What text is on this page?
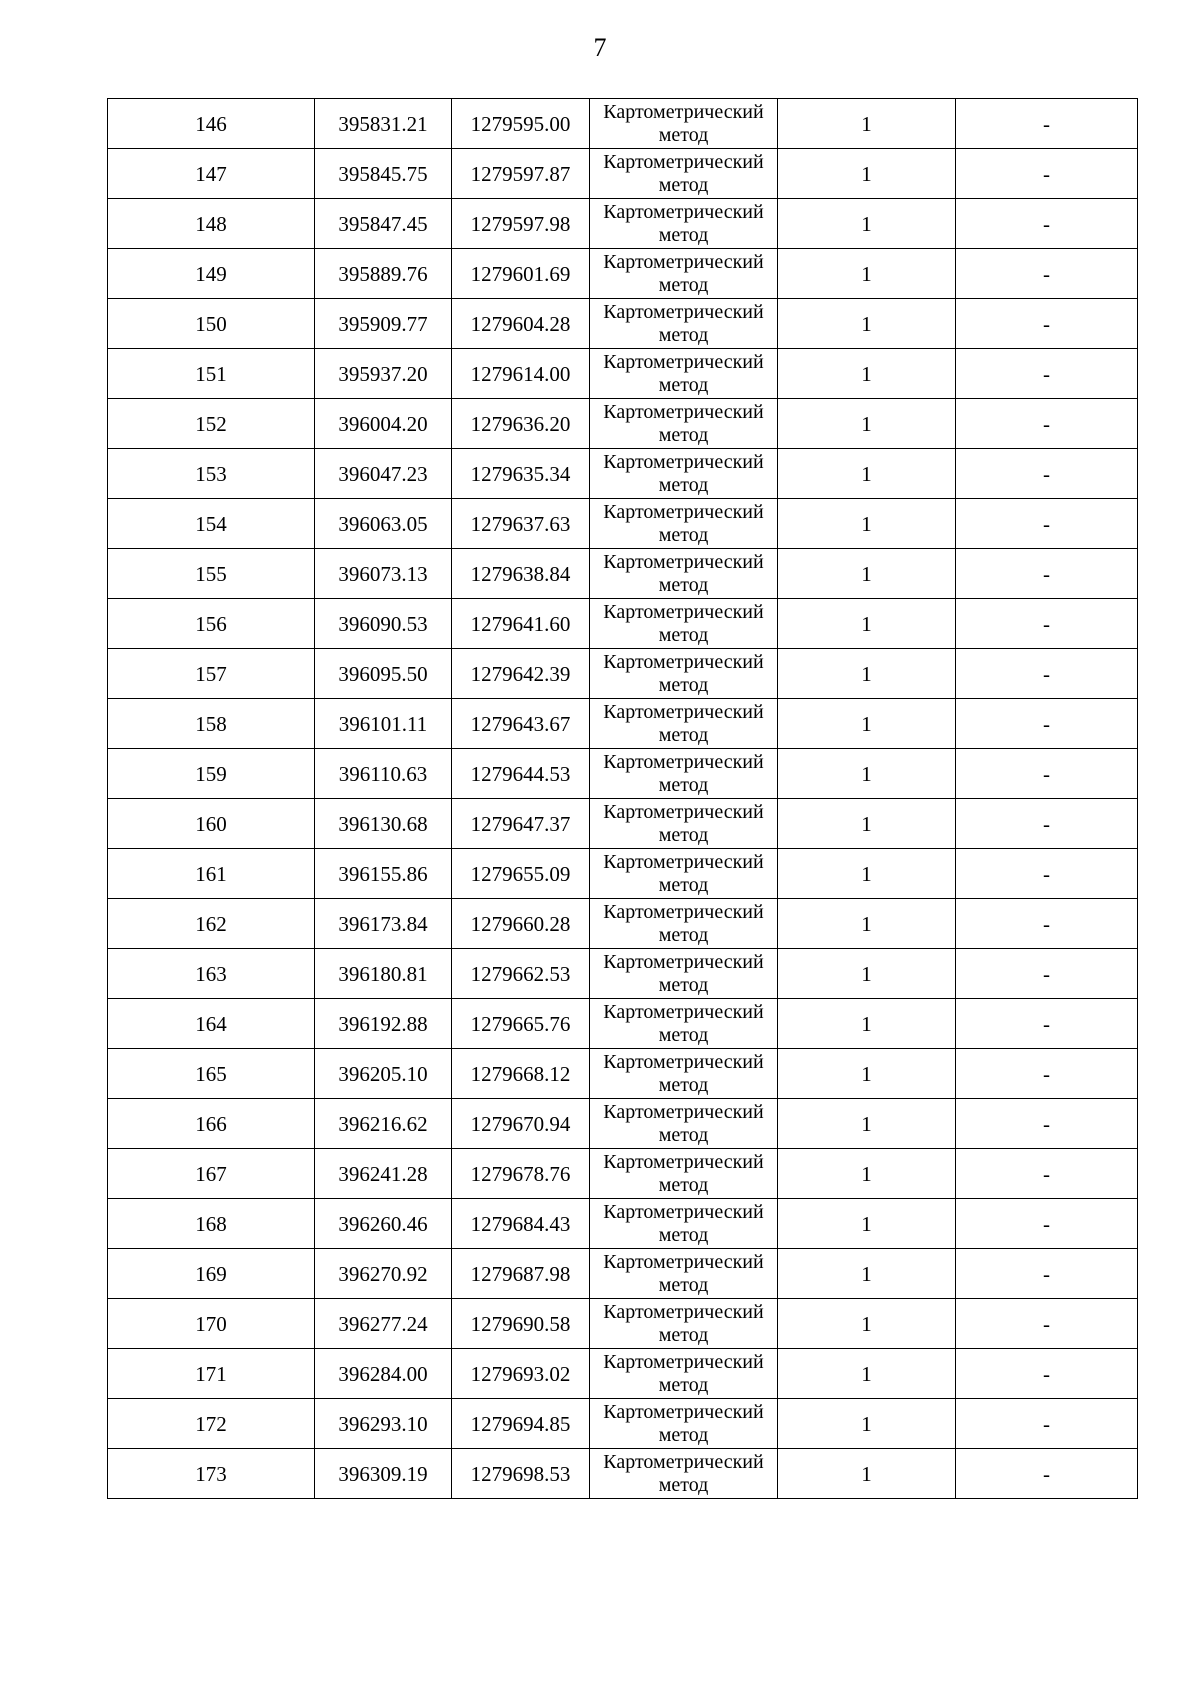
7
146	395831.21	1279595.00	Картометрический метод	1	-
147	395845.75	1279597.87	Картометрический метод	1	-
148	395847.45	1279597.98	Картометрический метод	1	-
149	395889.76	1279601.69	Картометрический метод	1	-
150	395909.77	1279604.28	Картометрический метод	1	-
151	395937.20	1279614.00	Картометрический метод	1	-
152	396004.20	1279636.20	Картометрический метод	1	-
153	396047.23	1279635.34	Картометрический метод	1	-
154	396063.05	1279637.63	Картометрический метод	1	-
155	396073.13	1279638.84	Картометрический метод	1	-
156	396090.53	1279641.60	Картометрический метод	1	-
157	396095.50	1279642.39	Картометрический метод	1	-
158	396101.11	1279643.67	Картометрический метод	1	-
159	396110.63	1279644.53	Картометрический метод	1	-
160	396130.68	1279647.37	Картометрический метод	1	-
161	396155.86	1279655.09	Картометрический метод	1	-
162	396173.84	1279660.28	Картометрический метод	1	-
163	396180.81	1279662.53	Картометрический метод	1	-
164	396192.88	1279665.76	Картометрический метод	1	-
165	396205.10	1279668.12	Картометрический метод	1	-
166	396216.62	1279670.94	Картометрический метод	1	-
167	396241.28	1279678.76	Картометрический метод	1	-
168	396260.46	1279684.43	Картометрический метод	1	-
169	396270.92	1279687.98	Картометрический метод	1	-
170	396277.24	1279690.58	Картометрический метод	1	-
171	396284.00	1279693.02	Картометрический метод	1	-
172	396293.10	1279694.85	Картометрический метод	1	-
173	396309.19	1279698.53	Картометрический метод	1	-
